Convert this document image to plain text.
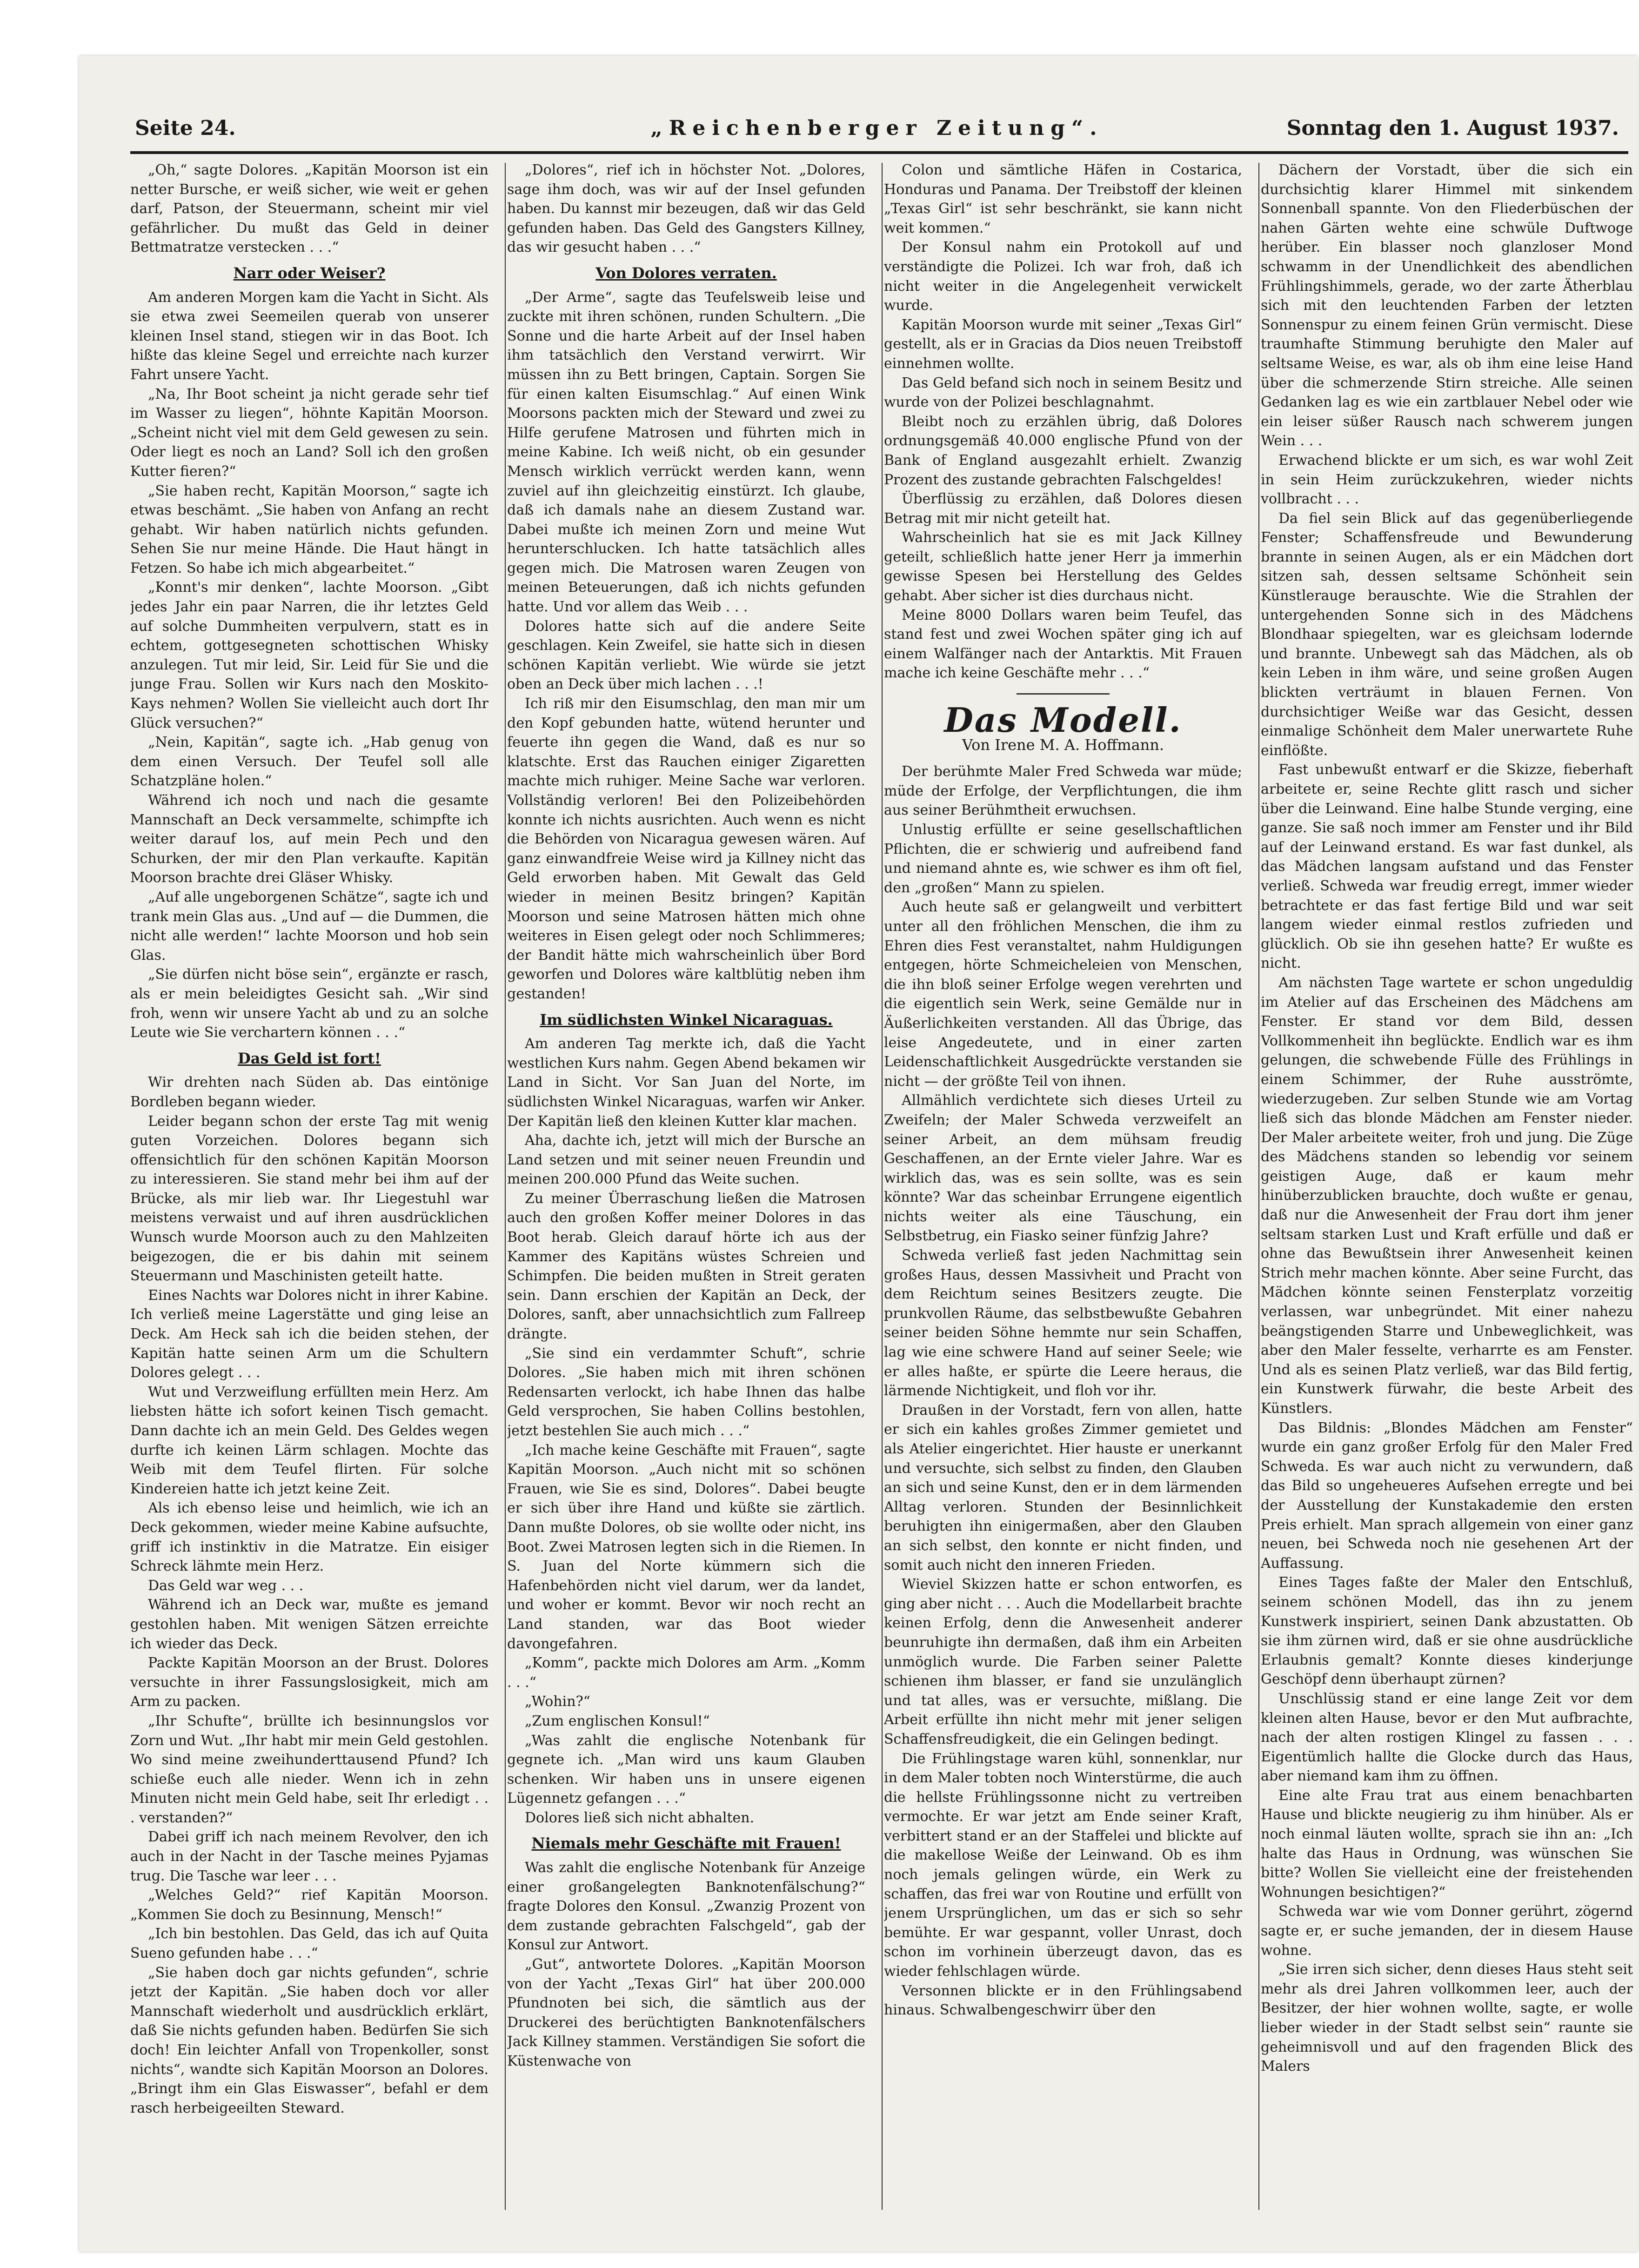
Seite 24.	„Reichenberger Zeitung“.	Sonntag den 1. August 1937.

„Oh,“ sagte Dolores. „Kapitän Moorson ist ein netter Bursche, er weiß sicher, wie weit er gehen darf, Patson, der Steuermann, scheint mir viel gefährlicher. Du mußt das Geld in deiner Bettmatratze verstecken . . .“

Narr oder Weiser?

Am anderen Morgen kam die Yacht in Sicht. Als sie etwa zwei Seemeilen querab von unserer kleinen Insel stand, stiegen wir in das Boot. Ich hißte das kleine Segel und erreichte nach kurzer Fahrt unsere Yacht.

„Na, Ihr Boot scheint ja nicht gerade sehr tief im Wasser zu liegen“, höhnte Kapitän Moorson. „Scheint nicht viel mit dem Geld gewesen zu sein. Oder liegt es noch an Land? Soll ich den großen Kutter fieren?“

„Sie haben recht, Kapitän Moorson,“ sagte ich etwas beschämt. „Sie haben von Anfang an recht gehabt. Wir haben natürlich nichts gefunden. Sehen Sie nur meine Hände. Die Haut hängt in Fetzen. So habe ich mich abgearbeitet.“

„Konnt's mir denken“, lachte Moorson. „Gibt jedes Jahr ein paar Narren, die ihr letztes Geld auf solche Dummheiten verpulvern, statt es in echtem, gottgesegneten schottischen Whisky anzulegen. Tut mir leid, Sir. Leid für Sie und die junge Frau. Sollen wir Kurs nach den Moskito-Kays nehmen? Wollen Sie vielleicht auch dort Ihr Glück versuchen?“

„Nein, Kapitän“, sagte ich. „Hab genug von dem einen Versuch. Der Teufel soll alle Schatzpläne holen.“

Während ich noch und nach die gesamte Mannschaft an Deck versammelte, schimpfte ich weiter darauf los, auf mein Pech und den Schurken, der mir den Plan verkaufte. Kapitän Moorson brachte drei Gläser Whisky.

„Auf alle ungeborgenen Schätze“, sagte ich und trank mein Glas aus. „Und auf — die Dummen, die nicht alle werden!“ lachte Moorson und hob sein Glas.

„Sie dürfen nicht böse sein“, ergänzte er rasch, als er mein beleidigtes Gesicht sah. „Wir sind froh, wenn wir unsere Yacht ab und zu an solche Leute wie Sie verchartern können . . .“

Das Geld ist fort!

Wir drehten nach Süden ab. Das eintönige Bordleben begann wieder.

Leider begann schon der erste Tag mit wenig guten Vorzeichen. Dolores begann sich offensichtlich für den schönen Kapitän Moorson zu interessieren. Sie stand mehr bei ihm auf der Brücke, als mir lieb war. Ihr Liegestuhl war meistens verwaist und auf ihren ausdrücklichen Wunsch wurde Moorson auch zu den Mahlzeiten beigezogen, die er bis dahin mit seinem Steuermann und Maschinisten geteilt hatte.

Eines Nachts war Dolores nicht in ihrer Kabine. Ich verließ meine Lagerstätte und ging leise an Deck. Am Heck sah ich die beiden stehen, der Kapitän hatte seinen Arm um die Schultern Dolores gelegt . . .

Wut und Verzweiflung erfüllten mein Herz. Am liebsten hätte ich sofort keinen Tisch gemacht. Dann dachte ich an mein Geld. Des Geldes wegen durfte ich keinen Lärm schlagen. Mochte das Weib mit dem Teufel flirten. Für solche Kindereien hatte ich jetzt keine Zeit.

Als ich ebenso leise und heimlich, wie ich an Deck gekommen, wieder meine Kabine aufsuchte, griff ich instinktiv in die Matratze. Ein eisiger Schreck lähmte mein Herz.

Das Geld war weg . . .

Während ich an Deck war, mußte es jemand gestohlen haben. Mit wenigen Sätzen erreichte ich wieder das Deck.

Packte Kapitän Moorson an der Brust. Dolores versuchte in ihrer Fassungslosigkeit, mich am Arm zu packen.

„Ihr Schufte“, brüllte ich besinnungslos vor Zorn und Wut. „Ihr habt mir mein Geld gestohlen. Wo sind meine zweihunderttausend Pfund? Ich schieße euch alle nieder. Wenn ich in zehn Minuten nicht mein Geld habe, seit Ihr erledigt . . . verstanden?“

Dabei griff ich nach meinem Revolver, den ich auch in der Nacht in der Tasche meines Pyjamas trug. Die Tasche war leer . . .

„Welches Geld?“ rief Kapitän Moorson. „Kommen Sie doch zu Besinnung, Mensch!“

„Ich bin bestohlen. Das Geld, das ich auf Quita Sueno gefunden habe . . .“

„Sie haben doch gar nichts gefunden“, schrie jetzt der Kapitän. „Sie haben doch vor aller Mannschaft wiederholt und ausdrücklich erklärt, daß Sie nichts gefunden haben. Bedürfen Sie sich doch! Ein leichter Anfall von Tropenkoller, sonst nichts“, wandte sich Kapitän Moorson an Dolores. „Bringt ihm ein Glas Eiswasser“, befahl er dem rasch herbeigeeilten Steward.

„Dolores“, rief ich in höchster Not. „Dolores, sage ihm doch, was wir auf der Insel gefunden haben. Du kannst mir bezeugen, daß wir das Geld gefunden haben. Das Geld des Gangsters Killney, das wir gesucht haben . . .“

Von Dolores verraten.

„Der Arme“, sagte das Teufelsweib leise und zuckte mit ihren schönen, runden Schultern. „Die Sonne und die harte Arbeit auf der Insel haben ihm tatsächlich den Verstand verwirrt. Wir müssen ihn zu Bett bringen, Captain. Sorgen Sie für einen kalten Eisumschlag.“ Auf einen Wink Moorsons packten mich der Steward und zwei zu Hilfe gerufene Matrosen und führten mich in meine Kabine. Ich weiß nicht, ob ein gesunder Mensch wirklich verrückt werden kann, wenn zuviel auf ihn gleichzeitig einstürzt. Ich glaube, daß ich damals nahe an diesem Zustand war. Dabei mußte ich meinen Zorn und meine Wut herunterschlucken. Ich hatte tatsächlich alles gegen mich. Die Matrosen waren Zeugen von meinen Beteuerungen, daß ich nichts gefunden hatte. Und vor allem das Weib . . .

Dolores hatte sich auf die andere Seite geschlagen. Kein Zweifel, sie hatte sich in diesen schönen Kapitän verliebt. Wie würde sie jetzt oben an Deck über mich lachen . . .!

Ich riß mir den Eisumschlag, den man mir um den Kopf gebunden hatte, wütend herunter und feuerte ihn gegen die Wand, daß es nur so klatschte. Erst das Rauchen einiger Zigaretten machte mich ruhiger. Meine Sache war verloren. Vollständig verloren! Bei den Polizeibehörden konnte ich nichts ausrichten. Auch wenn es nicht die Behörden von Nicaragua gewesen wären. Auf ganz einwandfreie Weise wird ja Killney nicht das Geld erworben haben. Mit Gewalt das Geld wieder in meinen Besitz bringen? Kapitän Moorson und seine Matrosen hätten mich ohne weiteres in Eisen gelegt oder noch Schlimmeres; der Bandit hätte mich wahrscheinlich über Bord geworfen und Dolores wäre kaltblütig neben ihm gestanden!

Im südlichsten Winkel Nicaraguas.

Am anderen Tag merkte ich, daß die Yacht westlichen Kurs nahm. Gegen Abend bekamen wir Land in Sicht. Vor San Juan del Norte, im südlichsten Winkel Nicaraguas, warfen wir Anker. Der Kapitän ließ den kleinen Kutter klar machen.

Aha, dachte ich, jetzt will mich der Bursche an Land setzen und mit seiner neuen Freundin und meinen 200.000 Pfund das Weite suchen.

Zu meiner Überraschung ließen die Matrosen auch den großen Koffer meiner Dolores in das Boot herab. Gleich darauf hörte ich aus der Kammer des Kapitäns wüstes Schreien und Schimpfen. Die beiden mußten in Streit geraten sein. Dann erschien der Kapitän an Deck, der Dolores, sanft, aber unnachsichtlich zum Fallreep drängte.

„Sie sind ein verdammter Schuft“, schrie Dolores. „Sie haben mich mit ihren schönen Redensarten verlockt, ich habe Ihnen das halbe Geld versprochen, Sie haben Collins bestohlen, jetzt bestehlen Sie auch mich . . .“

„Ich mache keine Geschäfte mit Frauen“, sagte Kapitän Moorson. „Auch nicht mit so schönen Frauen, wie Sie es sind, Dolores“. Dabei beugte er sich über ihre Hand und küßte sie zärtlich. Dann mußte Dolores, ob sie wollte oder nicht, ins Boot. Zwei Matrosen legten sich in die Riemen. In S. Juan del Norte kümmern sich die Hafenbehörden nicht viel darum, wer da landet, und woher er kommt. Bevor wir noch recht an Land standen, war das Boot wieder davongefahren.

„Komm“, packte mich Dolores am Arm. „Komm . . .“

„Wohin?“

„Zum englischen Konsul!“

„Was zahlt die englische Notenbank für gegnete ich. „Man wird uns kaum Glauben schenken. Wir haben uns in unsere eigenen Lügennetz gefangen . . .“

Dolores ließ sich nicht abhalten.

Niemals mehr Geschäfte mit Frauen!

Was zahlt die englische Notenbank für Anzeige einer großangelegten Banknotenfälschung?“ fragte Dolores den Konsul. „Zwanzig Prozent von dem zustande gebrachten Falschgeld“, gab der Konsul zur Antwort.

„Gut“, antwortete Dolores. „Kapitän Moorson von der Yacht „Texas Girl“ hat über 200.000 Pfundnoten bei sich, die sämtlich aus der Druckerei des berüchtigten Banknotenfälschers Jack Killney stammen. Verständigen Sie sofort die Küstenwache von

Colon und sämtliche Häfen in Costarica, Honduras und Panama. Der Treibstoff der kleinen „Texas Girl“ ist sehr beschränkt, sie kann nicht weit kommen.“

Der Konsul nahm ein Protokoll auf und verständigte die Polizei. Ich war froh, daß ich nicht weiter in die Angelegenheit verwickelt wurde.

Kapitän Moorson wurde mit seiner „Texas Girl“ gestellt, als er in Gracias da Dios neuen Treibstoff einnehmen wollte.

Das Geld befand sich noch in seinem Besitz und wurde von der Polizei beschlagnahmt.

Bleibt noch zu erzählen übrig, daß Dolores ordnungsgemäß 40.000 englische Pfund von der Bank of England ausgezahlt erhielt. Zwanzig Prozent des zustande gebrachten Falschgeldes!

Überflüssig zu erzählen, daß Dolores diesen Betrag mit mir nicht geteilt hat.

Wahrscheinlich hat sie es mit Jack Killney geteilt, schließlich hatte jener Herr ja immerhin gewisse Spesen bei Herstellung des Geldes gehabt. Aber sicher ist dies durchaus nicht.

Meine 8000 Dollars waren beim Teufel, das stand fest und zwei Wochen später ging ich auf einem Walfänger nach der Antarktis. Mit Frauen mache ich keine Geschäfte mehr . . .“

Das Modell.

Von Irene M. A. Hoffmann.

Der berühmte Maler Fred Schweda war müde; müde der Erfolge, der Verpflichtungen, die ihm aus seiner Berühmtheit erwuchsen.

Unlustig erfüllte er seine gesellschaftlichen Pflichten, die er schwierig und aufreibend fand und niemand ahnte es, wie schwer es ihm oft fiel, den „großen“ Mann zu spielen.

Auch heute saß er gelangweilt und verbittert unter all den fröhlichen Menschen, die ihm zu Ehren dies Fest veranstaltet, nahm Huldigungen entgegen, hörte Schmeicheleien von Menschen, die ihn bloß seiner Erfolge wegen verehrten und die eigentlich sein Werk, seine Gemälde nur in Äußerlichkeiten verstanden. All das Übrige, das leise Angedeutete, und in einer zarten Leidenschaftlichkeit Ausgedrückte verstanden sie nicht — der größte Teil von ihnen.

Allmählich verdichtete sich dieses Urteil zu Zweifeln; der Maler Schweda verzweifelt an seiner Arbeit, an dem mühsam freudig Geschaffenen, an der Ernte vieler Jahre. War es wirklich das, was es sein sollte, was es sein könnte? War das scheinbar Errungene eigentlich nichts weiter als eine Täuschung, ein Selbstbetrug, ein Fiasko seiner fünfzig Jahre?

Schweda verließ fast jeden Nachmittag sein großes Haus, dessen Massivheit und Pracht von dem Reichtum seines Besitzers zeugte. Die prunkvollen Räume, das selbstbewußte Gebahren seiner beiden Söhne hemmte nur sein Schaffen, lag wie eine schwere Hand auf seiner Seele; wie er alles haßte, er spürte die Leere heraus, die lärmende Nichtigkeit, und floh vor ihr.

Draußen in der Vorstadt, fern von allen, hatte er sich ein kahles großes Zimmer gemietet und als Atelier eingerichtet. Hier hauste er unerkannt und versuchte, sich selbst zu finden, den Glauben an sich und seine Kunst, den er in dem lärmenden Alltag verloren. Stunden der Besinnlichkeit beruhigten ihn einigermaßen, aber den Glauben an sich selbst, den konnte er nicht finden, und somit auch nicht den inneren Frieden.

Wieviel Skizzen hatte er schon entworfen, es ging aber nicht . . . Auch die Modellarbeit brachte keinen Erfolg, denn die Anwesenheit anderer beunruhigte ihn dermaßen, daß ihm ein Arbeiten unmöglich wurde. Die Farben seiner Palette schienen ihm blasser, er fand sie unzulänglich und tat alles, was er versuchte, mißlang. Die Arbeit erfüllte ihn nicht mehr mit jener seligen Schaffensfreudigkeit, die ein Gelingen bedingt.

Die Frühlingstage waren kühl, sonnenklar, nur in dem Maler tobten noch Winterstürme, die auch die hellste Frühlingssonne nicht zu vertreiben vermochte. Er war jetzt am Ende seiner Kraft, verbittert stand er an der Staffelei und blickte auf die makellose Weiße der Leinwand. Ob es ihm noch jemals gelingen würde, ein Werk zu schaffen, das frei war von Routine und erfüllt von jenem Ursprünglichen, um das er sich so sehr bemühte. Er war gespannt, voller Unrast, doch schon im vorhinein überzeugt davon, das es wieder fehlschlagen würde.

Versonnen blickte er in den Frühlingsabend hinaus. Schwalbengeschwirr über den

Dächern der Vorstadt, über die sich ein durchsichtig klarer Himmel mit sinkendem Sonnenball spannte. Von den Fliederbüschen der nahen Gärten wehte eine schwüle Duftwoge herüber. Ein blasser noch glanzloser Mond schwamm in der Unendlichkeit des abendlichen Frühlingshimmels, gerade, wo der zarte Ätherblau sich mit den leuchtenden Farben der letzten Sonnenspur zu einem feinen Grün vermischt. Diese traumhafte Stimmung beruhigte den Maler auf seltsame Weise, es war, als ob ihm eine leise Hand über die schmerzende Stirn streiche. Alle seinen Gedanken lag es wie ein zartblauer Nebel oder wie ein leiser süßer Rausch nach schwerem jungen Wein . . .

Erwachend blickte er um sich, es war wohl Zeit in sein Heim zurückzukehren, wieder nichts vollbracht . . .

Da fiel sein Blick auf das gegenüberliegende Fenster; Schaffensfreude und Bewunderung brannte in seinen Augen, als er ein Mädchen dort sitzen sah, dessen seltsame Schönheit sein Künstlerauge berauschte. Wie die Strahlen der untergehenden Sonne sich in des Mädchens Blondhaar spiegelten, war es gleichsam lodernde und brannte. Unbewegt sah das Mädchen, als ob kein Leben in ihm wäre, und seine großen Augen blickten verträumt in blauen Fernen. Von durchsichtiger Weiße war das Gesicht, dessen einmalige Schönheit dem Maler unerwartete Ruhe einflößte.

Fast unbewußt entwarf er die Skizze, fieberhaft arbeitete er, seine Rechte glitt rasch und sicher über die Leinwand. Eine halbe Stunde verging, eine ganze. Sie saß noch immer am Fenster und ihr Bild auf der Leinwand erstand. Es war fast dunkel, als das Mädchen langsam aufstand und das Fenster verließ. Schweda war freudig erregt, immer wieder betrachtete er das fast fertige Bild und war seit langem wieder einmal restlos zufrieden und glücklich. Ob sie ihn gesehen hatte? Er wußte es nicht.

Am nächsten Tage wartete er schon ungeduldig im Atelier auf das Erscheinen des Mädchens am Fenster. Er stand vor dem Bild, dessen Vollkommenheit ihn beglückte. Endlich war es ihm gelungen, die schwebende Fülle des Frühlings in einem Schimmer, der Ruhe ausströmte, wiederzugeben. Zur selben Stunde wie am Vortag ließ sich das blonde Mädchen am Fenster nieder. Der Maler arbeitete weiter, froh und jung. Die Züge des Mädchens standen so lebendig vor seinem geistigen Auge, daß er kaum mehr hinüberzublicken brauchte, doch wußte er genau, daß nur die Anwesenheit der Frau dort ihm jener seltsam starken Lust und Kraft erfülle und daß er ohne das Bewußtsein ihrer Anwesenheit keinen Strich mehr machen könnte. Aber seine Furcht, das Mädchen könnte seinen Fensterplatz vorzeitig verlassen, war unbegründet. Mit einer nahezu beängstigenden Starre und Unbeweglichkeit, was aber den Maler fesselte, verharrte es am Fenster. Und als es seinen Platz verließ, war das Bild fertig, ein Kunstwerk fürwahr, die beste Arbeit des Künstlers.

Das Bildnis: „Blondes Mädchen am Fenster“ wurde ein ganz großer Erfolg für den Maler Fred Schweda. Es war auch nicht zu verwundern, daß das Bild so ungeheueres Aufsehen erregte und bei der Ausstellung der Kunstakademie den ersten Preis erhielt. Man sprach allgemein von einer ganz neuen, bei Schweda noch nie gesehenen Art der Auffassung.

Eines Tages faßte der Maler den Entschluß, seinem schönen Modell, das ihn zu jenem Kunstwerk inspiriert, seinen Dank abzustatten. Ob sie ihm zürnen wird, daß er sie ohne ausdrückliche Erlaubnis gemalt? Konnte dieses kinderjunge Geschöpf denn überhaupt zürnen?

Unschlüssig stand er eine lange Zeit vor dem kleinen alten Hause, bevor er den Mut aufbrachte, nach der alten rostigen Klingel zu fassen . . . Eigentümlich hallte die Glocke durch das Haus, aber niemand kam ihm zu öffnen.

Eine alte Frau trat aus einem benachbarten Hause und blickte neugierig zu ihm hinüber. Als er noch einmal läuten wollte, sprach sie ihn an: „Ich halte das Haus in Ordnung, was wünschen Sie bitte? Wollen Sie vielleicht eine der freistehenden Wohnungen besichtigen?“

Schweda war wie vom Donner gerührt, zögernd sagte er, er suche jemanden, der in diesem Hause wohne.

„Sie irren sich sicher, denn dieses Haus steht seit mehr als drei Jahren vollkommen leer, auch der Besitzer, der hier wohnen wollte, sagte, er wolle lieber wieder in der Stadt selbst sein“ raunte sie geheimnisvoll und auf den fragenden Blick des Malers
